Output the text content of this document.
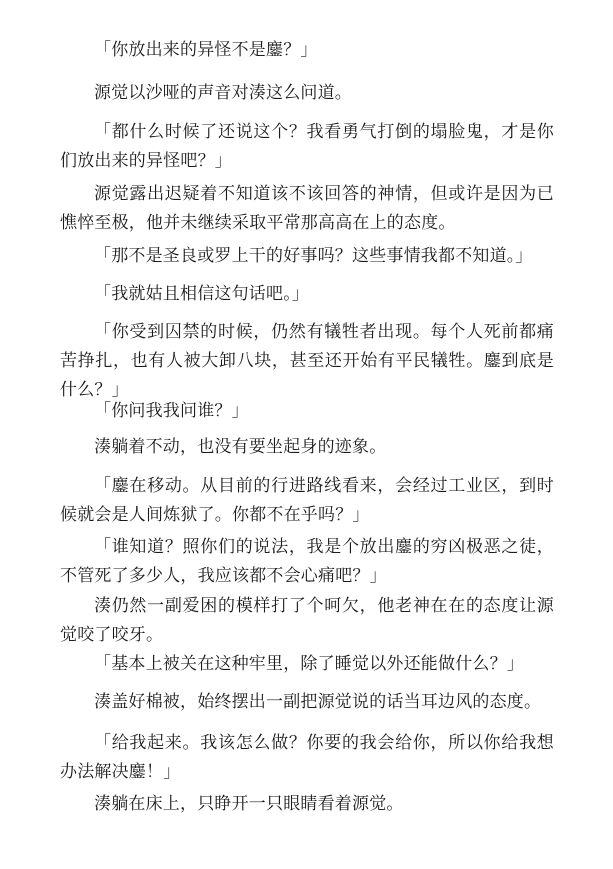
「你放出来的异怪不是鏖？」

源觉以沙哑的声音对湊这么问道。

「都什么时候了还说这个？我看勇气打倒的塌脸鬼，才是你们放出来的异怪吧？」

源觉露出迟疑着不知道该不该回答的神情，但或许是因为已憔悴至极，他并未继续采取平常那高高在上的态度。

「那不是圣良或罗上干的好事吗？这些事情我都不知道。」

「我就姑且相信这句话吧。」

「你受到囚禁的时候，仍然有犠牲者出现。每个人死前都痛苦挣扎，也有人被大卸八块，甚至还开始有平民犠牲。鏖到底是什么？」

「你问我我问谁？」

湊躺着不动，也没有要坐起身的迹象。

「鏖在移动。从目前的行进路线看来，会经过工业区，到时候就会是人间炼狱了。你都不在乎吗？」

「谁知道？照你们的说法，我是个放出鏖的穷凶极恶之徒，不管死了多少人，我应该都不会心痛吧？」

湊仍然一副爱困的模样打了个呵欠，他老神在在的态度让源觉咬了咬牙。

「基本上被关在这种牢里，除了睡觉以外还能做什么？」

湊盖好棉被，始终摆出一副把源觉说的话当耳边风的态度。

「给我起来。我该怎么做？你要的我会给你，所以你给我想办法解决鏖！」

湊躺在床上，只睁开一只眼睛看着源觉。
